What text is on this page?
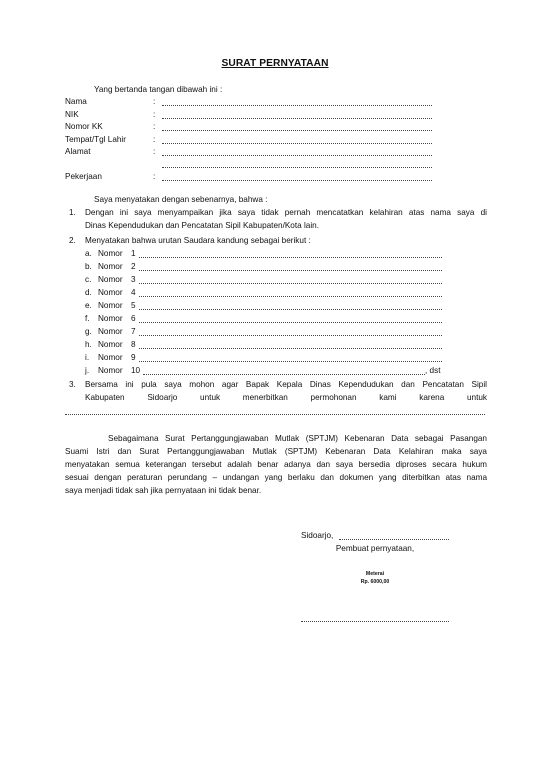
SURAT PERNYATAAN
Yang bertanda tangan dibawah ini :
Nama	:
NIK	:
Nomor KK	:
Tempat/Tgl Lahir	:
Alamat	:
Pekerjaan	:
Saya menyatakan dengan sebenarnya, bahwa :
1. Dengan ini saya menyampaikan jika saya tidak pernah mencatatkan kelahiran atas nama saya di
Dinas Kependudukan dan Pencatatan Sipil Kabupaten/Kota lain.
2. Menyatakan bahwa urutan Saudara kandung sebagai berikut :
a. Nomor 1
b. Nomor 2
c. Nomor 3
d. Nomor 4
e. Nomor 5
f. Nomor 6
g. Nomor 7
h. Nomor 8
i. Nomor 9
j. Nomor 10	, dst
3. Bersama ini pula saya mohon agar Bapak Kepala Dinas Kependudukan dan Pencatatan Sipil
Kabupaten Sidoarjo untuk menerbitkan permohonan kami karena untuk
Sebagaimana Surat Pertanggungjawaban Mutlak (SPTJM) Kebenaran Data sebagai Pasangan
Suami Istri dan Surat Pertanggungjawaban Mutlak (SPTJM) Kebenaran Data Kelahiran maka saya
menyatakan semua keterangan tersebut adalah benar adanya dan saya bersedia diproses secara hukum
sesuai dengan peraturan perundang – undangan yang berlaku dan dokumen yang diterbitkan atas nama
saya menjadi tidak sah jika pernyataan ini tidak benar.
Sidoarjo,
Pembuat pernyataan,
Meterai
Rp. 6000,00
